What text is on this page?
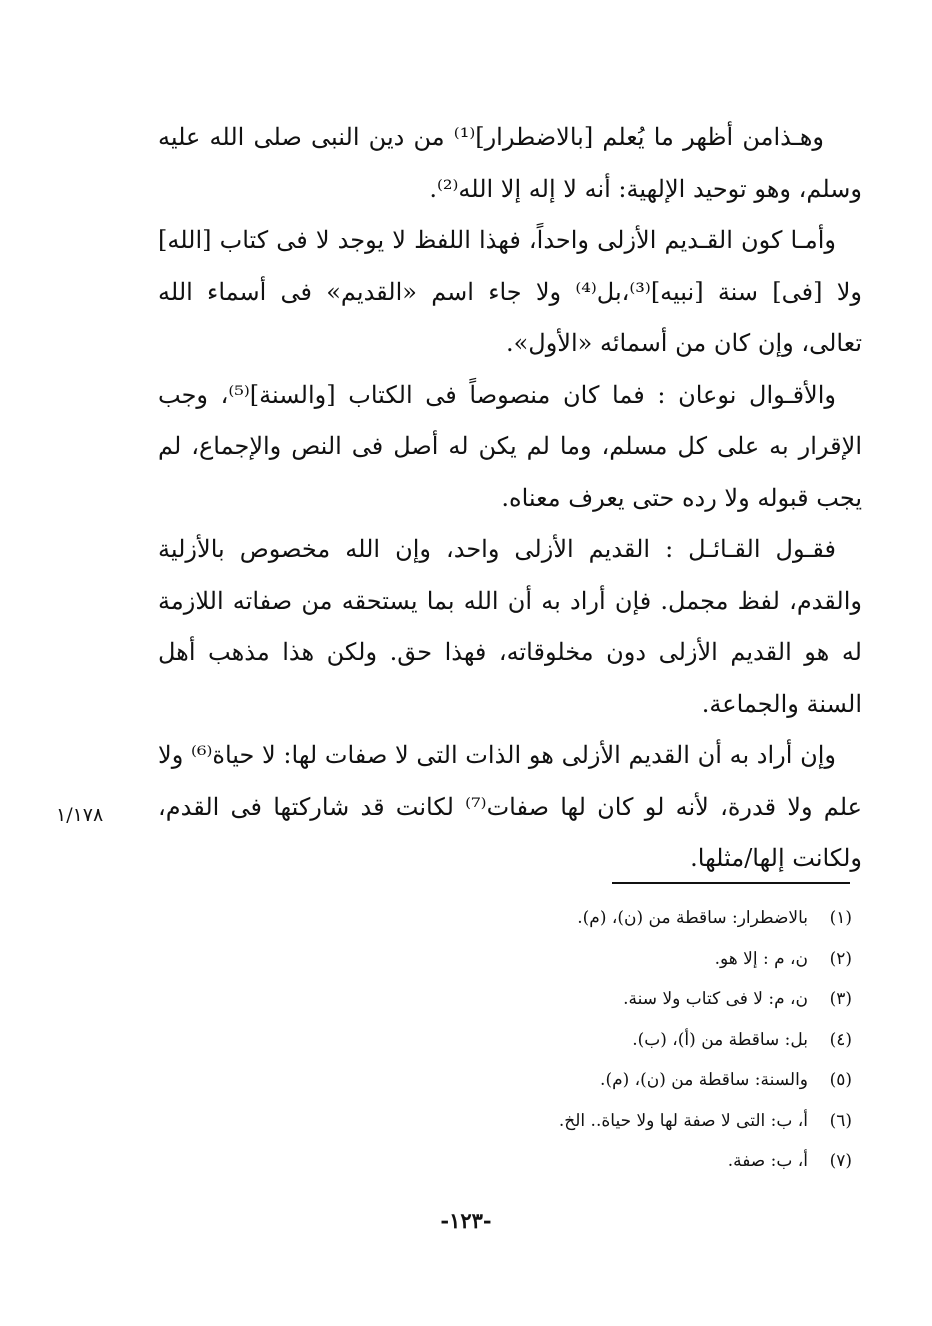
وهـذامن أظهر ما يُعلم [بالاضطرار]⁽¹⁾ من دين النبى صلى الله عليه وسلم، وهو توحيد الإلهية: أنه لا إله إلا الله⁽²⁾.

وأمـا كون القـديم الأزلى واحداً، فهذا اللفظ لا يوجد لا فى كتاب [الله] ولا [فى] سنة [نبيه]⁽³⁾،بل⁽⁴⁾ ولا جاء اسم «القديم» فى أسماء الله تعالى، وإن كان من أسمائه «الأول».

والأقـوال نوعان : فما كان منصوصاً فى الكتاب [والسنة]⁽⁵⁾، وجب الإقرار به على كل مسلم، وما لم يكن له أصل فى النص والإجماع، لم يجب قبوله ولا رده حتى يعرف معناه.

فقـول القـائـل : القديم الأزلى واحد، وإن الله مخصوص بالأزلية والقدم، لفظ مجمل. فإن أراد به أن الله بما يستحقه من صفاته اللازمة له هو القديم الأزلى دون مخلوقاته، فهذا حق. ولكن هذا مذهب أهل السنة والجماعة.

وإن أراد به أن القديم الأزلى هو الذات التى لا صفات لها: لا حياة⁽⁶⁾ ولا علم ولا قدرة، لأنه لو كان لها صفات⁽⁷⁾ لكانت قد شاركتها فى القدم، ولكانت إلها/مثلها.

١/١٧٨
(١)بالاضطرار: ساقطة من (ن)، (م).
(٢)ن، م : إلا هو.
(٣)ن، م: لا فى كتاب ولا سنة.
(٤)بل: ساقطة من (أ)، (ب).
(٥)والسنة: ساقطة من (ن)، (م).
(٦)أ، ب: التى لا صفة لها ولا حياة.. الخ.
(٧)أ، ب: صفة.
-١٢٣-
